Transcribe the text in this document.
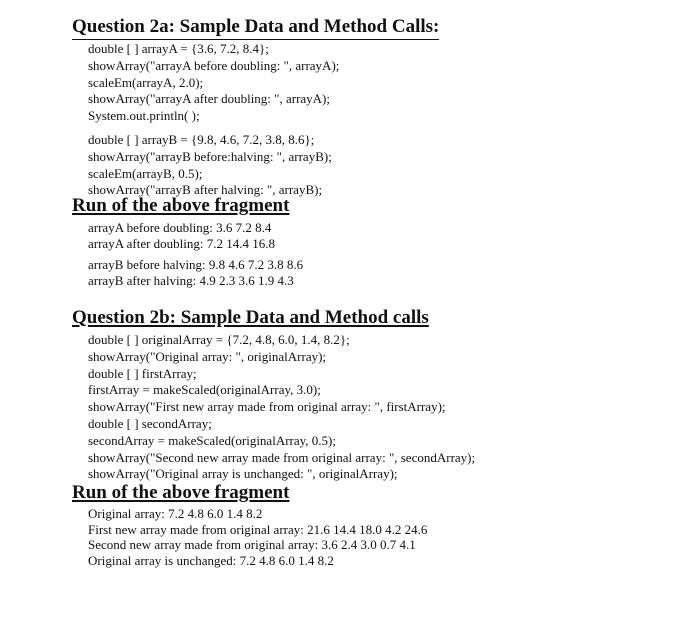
Question 2a: Sample Data and Method Calls:
double [ ] arrayA = {3.6, 7.2, 8.4};
showArray("arrayA before doubling: ", arrayA);
scaleEm(arrayA, 2.0);
showArray("arrayA after doubling: ", arrayA);
System.out.println( );
double [ ] arrayB = {9.8, 4.6, 7.2, 3.8, 8.6};
showArray("arrayB before:halving: ", arrayB);
scaleEm(arrayB, 0.5);
showArray("arrayB after halving: ", arrayB);
Run of the above fragment
arrayA before doubling: 3.6 7.2 8.4
arrayA after doubling: 7.2 14.4 16.8
arrayB before halving: 9.8 4.6 7.2 3.8 8.6
arrayB after halving: 4.9 2.3 3.6 1.9 4.3
Question 2b: Sample Data and Method calls
double [ ] originalArray = {7.2, 4.8, 6.0, 1.4, 8.2};
showArray("Original array: ", originalArray);
double [ ] firstArray;
firstArray = makeScaled(originalArray, 3.0);
showArray("First new array made from original array: ", firstArray);
double [ ] secondArray;
secondArray = makeScaled(originalArray, 0.5);
showArray("Second new array made from original array: ", secondArray);
showArray("Original array is unchanged: ", originalArray);
Run of the above fragment
Original array: 7.2 4.8 6.0 1.4 8.2
First new array made from original array: 21.6 14.4 18.0 4.2 24.6
Second new array made from original array: 3.6 2.4 3.0 0.7 4.1
Original array is unchanged: 7.2 4.8 6.0 1.4 8.2
